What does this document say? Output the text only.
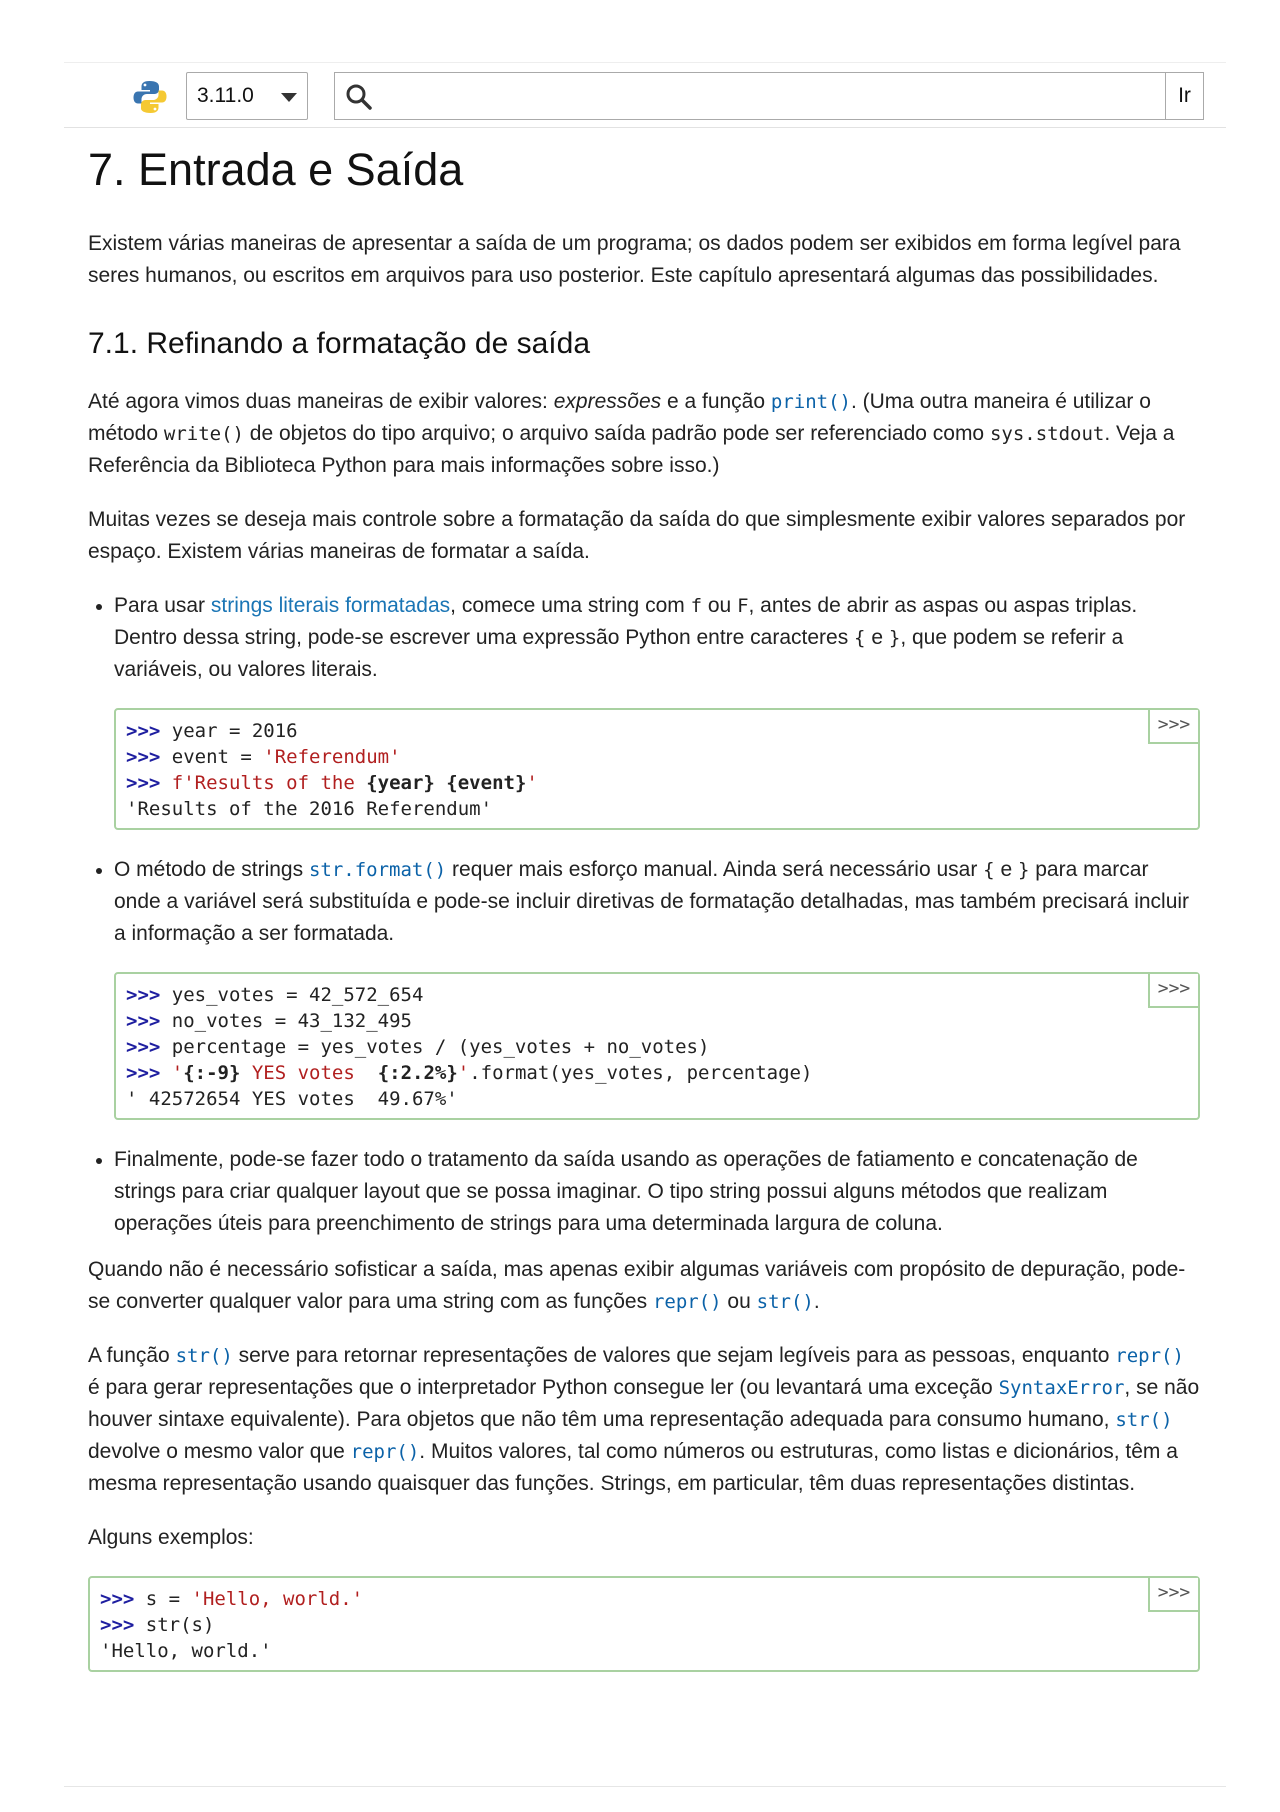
3.11.0	Ir
7. Entrada e Saída

Existem várias maneiras de apresentar a saída de um programa; os dados podem ser exibidos em forma legível para seres humanos, ou escritos em arquivos para uso posterior. Este capítulo apresentará algumas das possibilidades.

7.1. Refinando a formatação de saída

Até agora vimos duas maneiras de exibir valores: expressões e a função print(). (Uma outra maneira é utilizar o método write() de objetos do tipo arquivo; o arquivo saída padrão pode ser referenciado como sys.stdout. Veja a Referência da Biblioteca Python para mais informações sobre isso.)

Muitas vezes se deseja mais controle sobre a formatação da saída do que simplesmente exibir valores separados por espaço. Existem várias maneiras de formatar a saída.

Para usar strings literais formatadas, comece uma string com f ou F, antes de abrir as aspas ou aspas triplas. Dentro dessa string, pode-se escrever uma expressão Python entre caracteres { e }, que podem se referir a variáveis, ou valores literais.
>>>
>>> year = 2016
>>> event = 'Referendum'
>>> f'Results of the {year} {event}'
'Results of the 2016 Referendum'
O método de strings str.format() requer mais esforço manual. Ainda será necessário usar { e } para marcar onde a variável será substituída e pode-se incluir diretivas de formatação detalhadas, mas também precisará incluir a informação a ser formatada.
>>>
>>> yes_votes = 42_572_654
>>> no_votes = 43_132_495
>>> percentage = yes_votes / (yes_votes + no_votes)
>>> '{:-9} YES votes  {:2.2%}'.format(yes_votes, percentage)
' 42572654 YES votes  49.67%'
Finalmente, pode-se fazer todo o tratamento da saída usando as operações de fatiamento e concatenação de strings para criar qualquer layout que se possa imaginar. O tipo string possui alguns métodos que realizam operações úteis para preenchimento de strings para uma determinada largura de coluna.

Quando não é necessário sofisticar a saída, mas apenas exibir algumas variáveis com propósito de depuração, pode-se converter qualquer valor para uma string com as funções repr() ou str().

A função str() serve para retornar representações de valores que sejam legíveis para as pessoas, enquanto repr() é para gerar representações que o interpretador Python consegue ler (ou levantará uma exceção SyntaxError, se não houver sintaxe equivalente). Para objetos que não têm uma representação adequada para consumo humano, str() devolve o mesmo valor que repr(). Muitos valores, tal como números ou estruturas, como listas e dicionários, têm a mesma representação usando quaisquer das funções. Strings, em particular, têm duas representações distintas.

Alguns exemplos:

>>>
>>> s = 'Hello, world.'
>>> str(s)
'Hello, world.'
